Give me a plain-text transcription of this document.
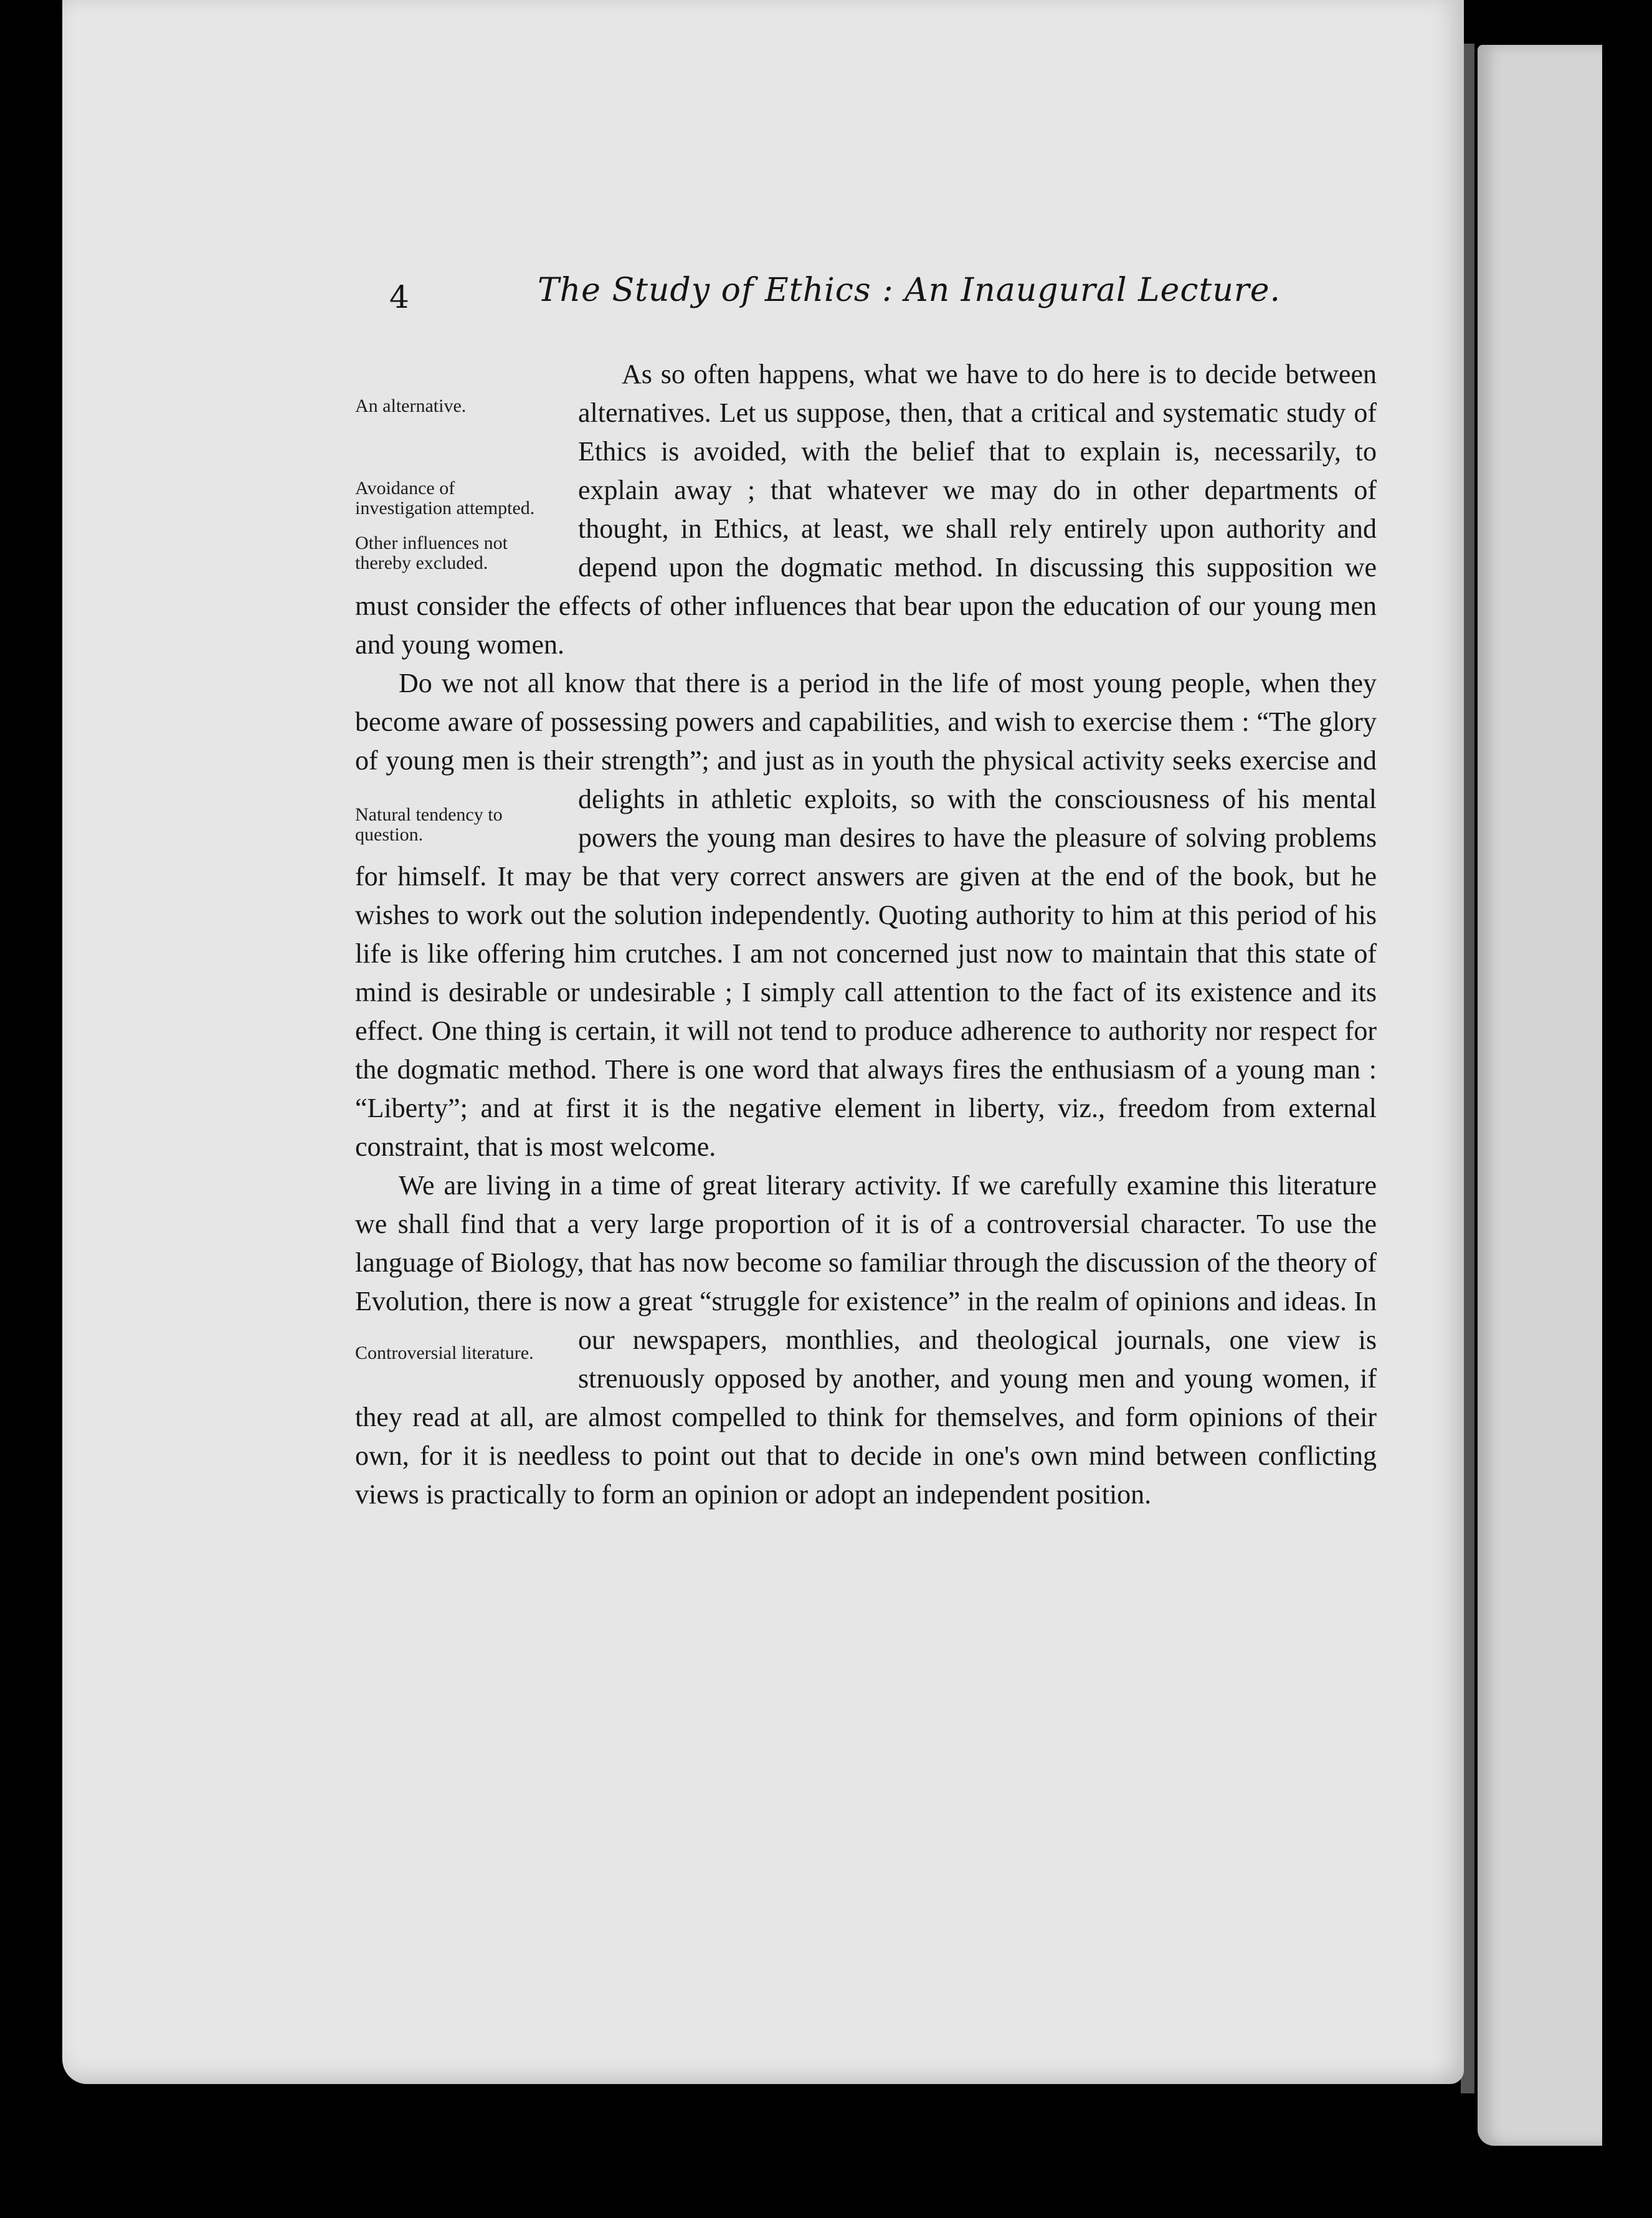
4	The Study of Ethics : An Inaugural Lecture.

An alternative.
Avoidance of investigation attempted.
Other influences not thereby excluded.
As so often happens, what we have to do here is to decide between alternatives. Let us suppose, then, that a critical and systematic study of Ethics is avoided, with the belief that to explain is, necessarily, to explain away ; that whatever we may do in other departments of thought, in Ethics, at least, we shall rely entirely upon authority and depend upon the dogmatic method. In discussing this supposition we must consider the effects of other influences that bear upon the education of our young men and young women.

Do we not all know that there is a period in the life of most young people, when they become aware of possessing powers and capabilities, and wish to exercise them : “The glory of young men is their strength”; and just as in youth the physical activity seeks exercise and delights in athletic exploits,
Natural tendency to question.
so with the consciousness of his mental powers the young man desires to have the pleasure of solving problems for himself. It may be that very correct answers are given at the end of the book, but he wishes to work out the solution independently. Quoting authority to him at this period of his life is like offering him crutches. I am not concerned just now to maintain that this state of mind is desirable or undesirable ; I simply call attention to the fact of its existence and its effect. One thing is certain, it will not tend to produce adherence to authority nor respect for the dogmatic method. There is one word that always fires the enthusiasm of a young man : “Liberty”; and at first it is the negative element in liberty, viz., freedom from external constraint, that is most welcome.

We are living in a time of great literary activity. If we carefully examine this literature we shall find that a very large proportion of it is of a controversial character. To use the language of Biology, that has now become so familiar through the discussion of the theory of Evolution, there is now a great “struggle for existence” in the realm of opinions
Controversial literature.
and ideas. In our newspapers, monthlies, and theological journals, one view is strenuously opposed by another, and young men and young women, if they read at all, are almost compelled to think for themselves, and form opinions of their own, for it is needless to point out that to decide in one's own mind between conflicting views is practically to form an opinion or adopt an independent position.
